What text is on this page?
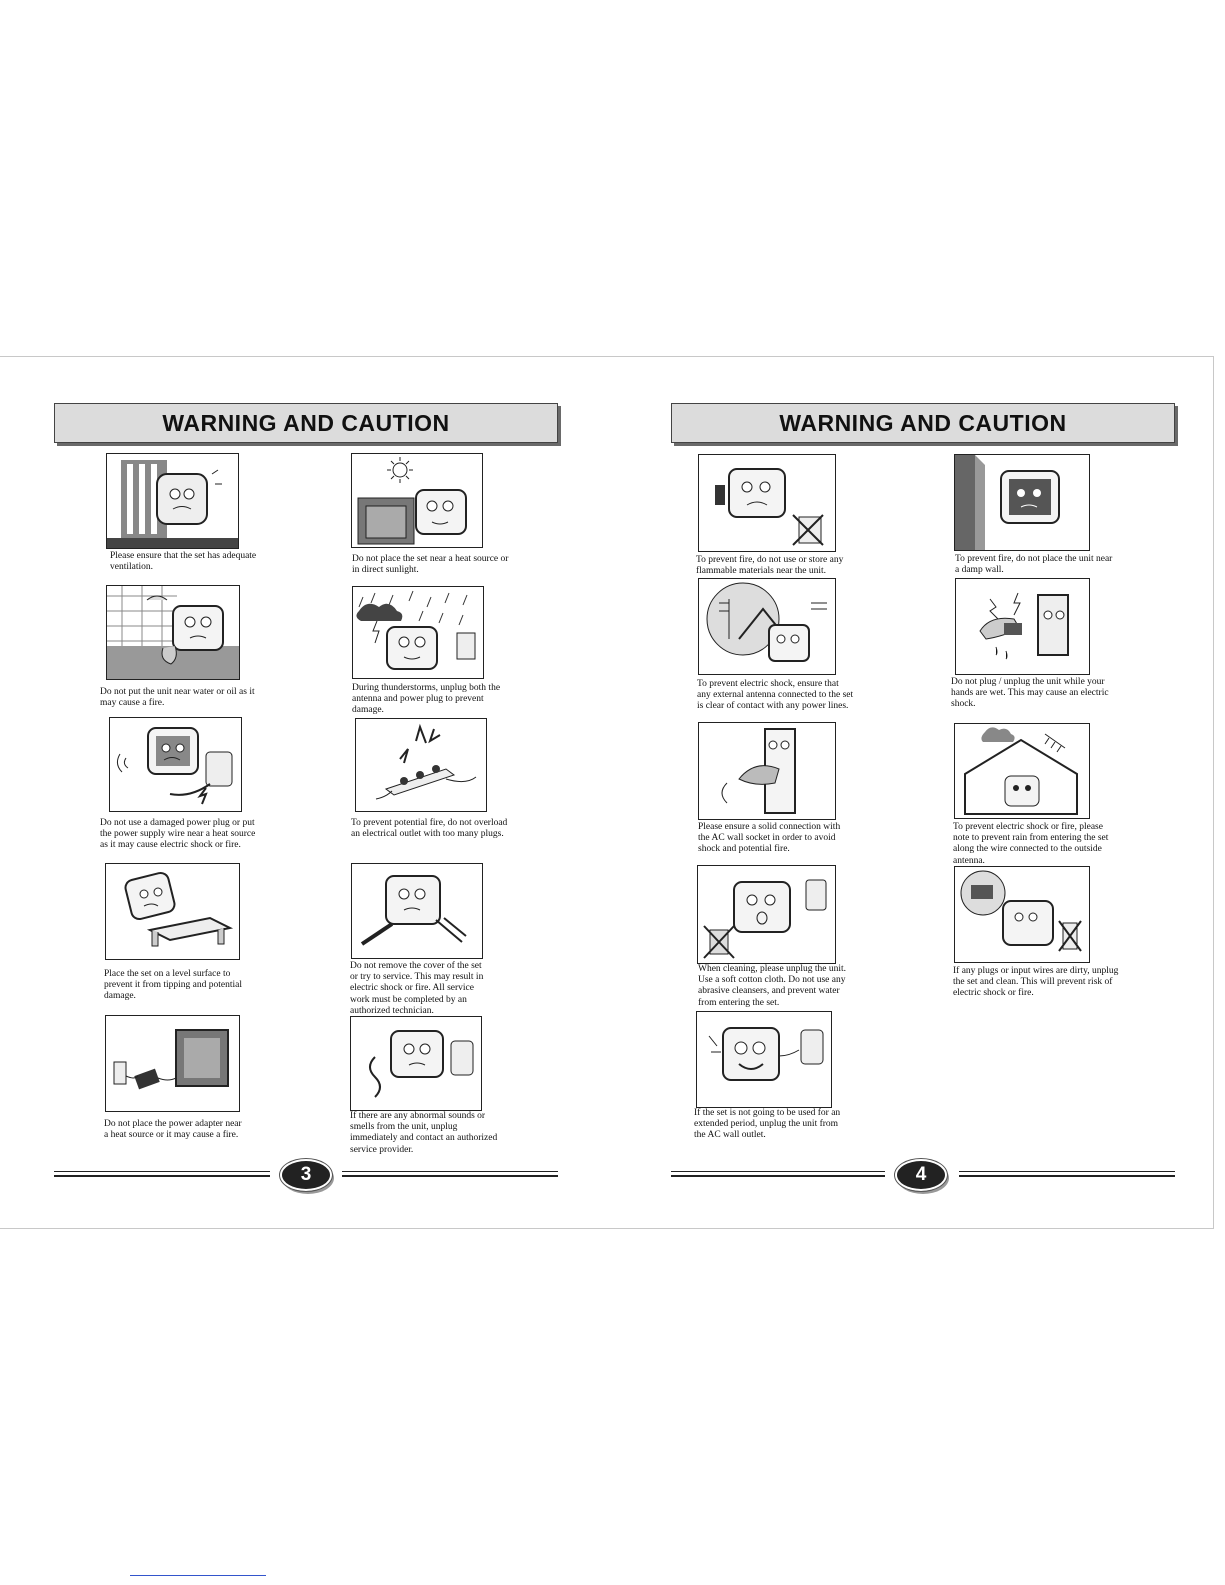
WARNING AND CAUTION
Please ensure that the set has adequate
ventilation.
Do not place the set near a heat source or
in direct sunlight.
Do not put the unit near water or oil as it
may cause a fire.
During thunderstorms, unplug both the
antenna and power plug to prevent
damage.
Do not use a damaged power plug or put
the power supply wire near a heat source
as it may cause electric shock or fire.
To prevent potential fire, do not overload
an electrical outlet with too many plugs.
Place the set on a level surface to
prevent it from tipping and potential
damage.
Do not remove the cover of the set
or try to service. This may result in
electric shock or fire. All service
work must be completed by an
authorized technician.
Do not place the power adapter near
a heat source or it may cause a fire.
If there are any abnormal sounds or
smells from the unit, unplug
immediately and contact an authorized
service provider.
3
WARNING AND CAUTION
To prevent fire, do not use or store any
flammable materials near the unit.
To prevent fire, do not place the unit near
a damp wall.
To prevent electric shock, ensure that
any external antenna connected to the set
is clear of contact with any power lines.
Do not plug / unplug the unit while your
hands are wet. This may cause an electric
shock.
Please ensure a solid connection with
the AC wall socket in order to avoid
shock and potential fire.
To prevent electric shock or fire, please
note to prevent rain from entering the set
along the wire connected to the outside
antenna.
When cleaning, please unplug the unit.
Use a soft cotton cloth. Do not use any
abrasive cleansers, and prevent water
from entering the set.
If any plugs or input wires are dirty, unplug
the set and clean. This will prevent risk of
electric shock or fire.
If the set is not going to be used for an
extended period, unplug the unit from
the AC wall outlet.
4
